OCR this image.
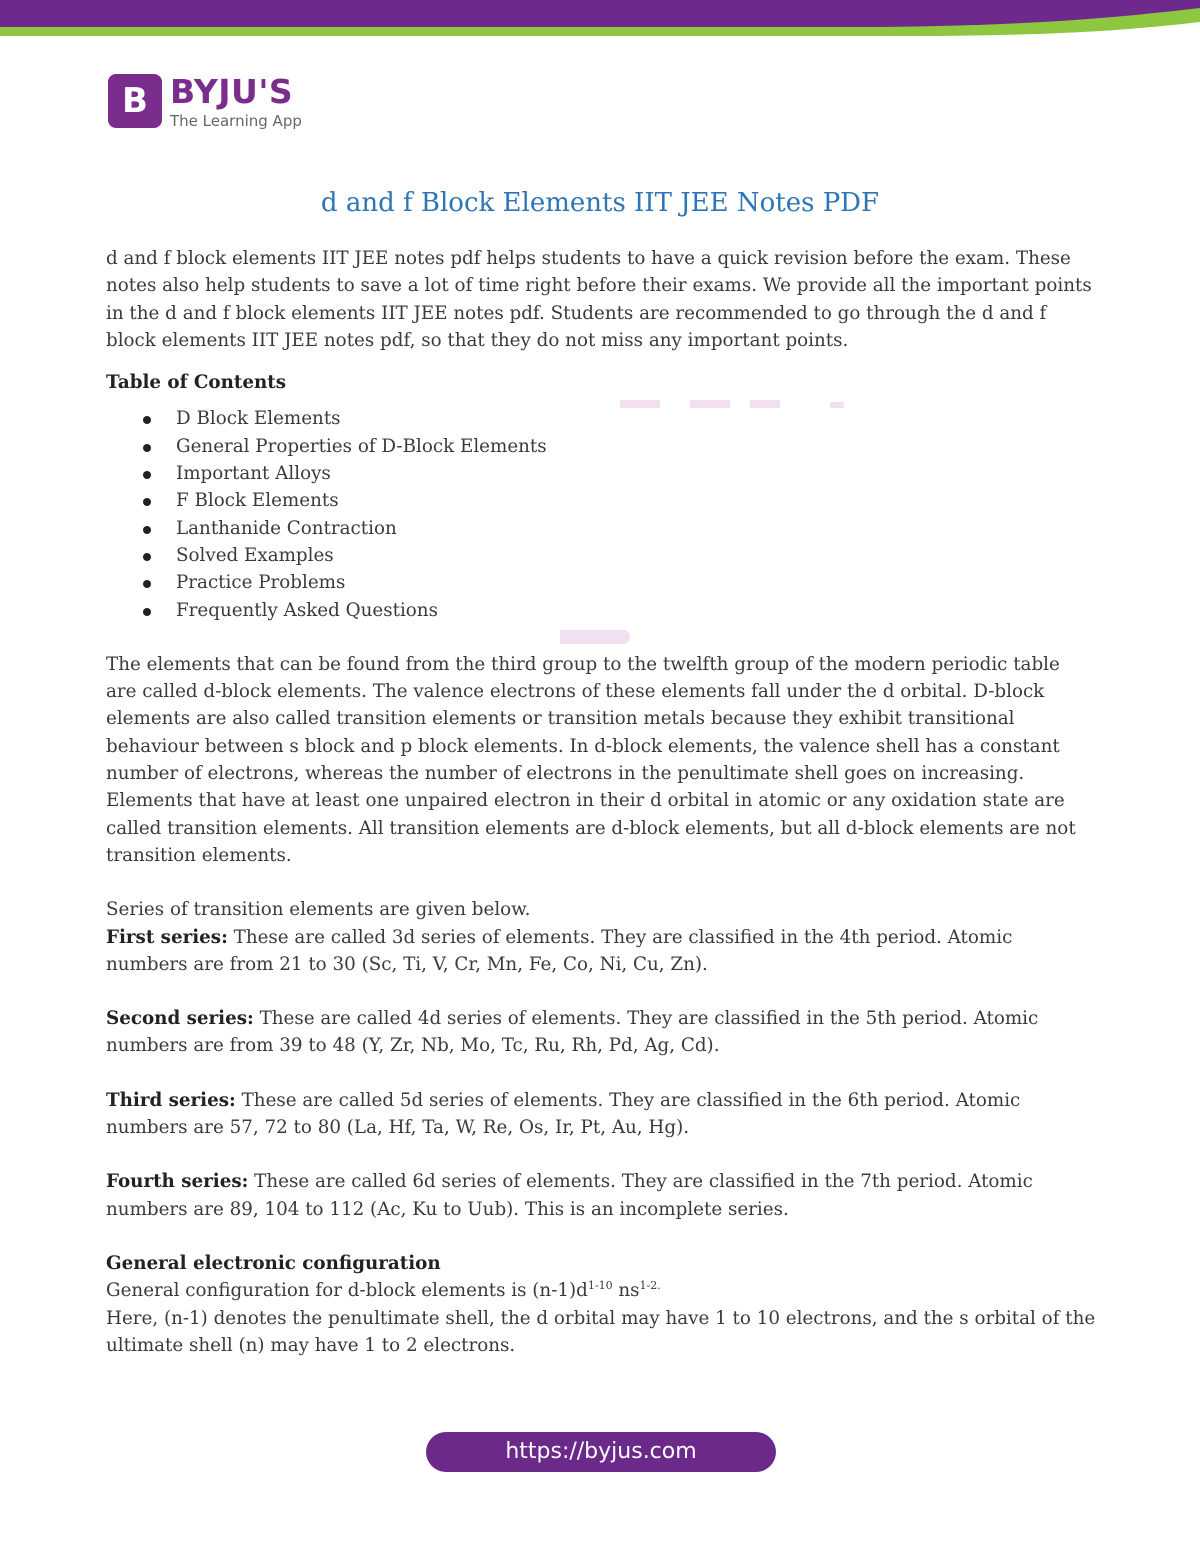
B BYJU'S
The Learning App
d and f Block Elements IIT JEE Notes PDF

d and f block elements IIT JEE notes pdf helps students to have a quick revision before the exam. These notes also help students to save a lot of time right before their exams. We provide all the important points in the d and f block elements IIT JEE notes pdf. Students are recommended to go through the d and f block elements IIT JEE notes pdf, so that they do not miss any important points.

Table of Contents

D Block Elements
General Properties of D-Block Elements
Important Alloys
F Block Elements
Lanthanide Contraction
Solved Examples
Practice Problems
Frequently Asked Questions

The elements that can be found from the third group to the twelfth group of the modern periodic table are called d-block elements. The valence electrons of these elements fall under the d orbital. D-block elements are also called transition elements or transition metals because they exhibit transitional behaviour between s block and p block elements. In d-block elements, the valence shell has a constant number of electrons, whereas the number of electrons in the penultimate shell goes on increasing. Elements that have at least one unpaired electron in their d orbital in atomic or any oxidation state are called transition elements. All transition elements are d-block elements, but all d-block elements are not transition elements.

Series of transition elements are given below.

First series: These are called 3d series of elements. They are classified in the 4th period. Atomic numbers are from 21 to 30 (Sc, Ti, V, Cr, Mn, Fe, Co, Ni, Cu, Zn).

Second series: These are called 4d series of elements. They are classified in the 5th period. Atomic numbers are from 39 to 48 (Y, Zr, Nb, Mo, Tc, Ru, Rh, Pd, Ag, Cd).

Third series: These are called 5d series of elements. They are classified in the 6th period. Atomic numbers are 57, 72 to 80 (La, Hf, Ta, W, Re, Os, Ir, Pt, Au, Hg).

Fourth series: These are called 6d series of elements. They are classified in the 7th period. Atomic numbers are 89, 104 to 112 (Ac, Ku to Uub). This is an incomplete series.

General electronic configuration

General configuration for d-block elements is $(n-1)d^{1-10}$ $ns^{1-2.}$

Here, (n-1) denotes the penultimate shell, the d orbital may have 1 to 10 electrons, and the s orbital of the ultimate shell (n) may have 1 to 2 electrons.

https://byjus.com
